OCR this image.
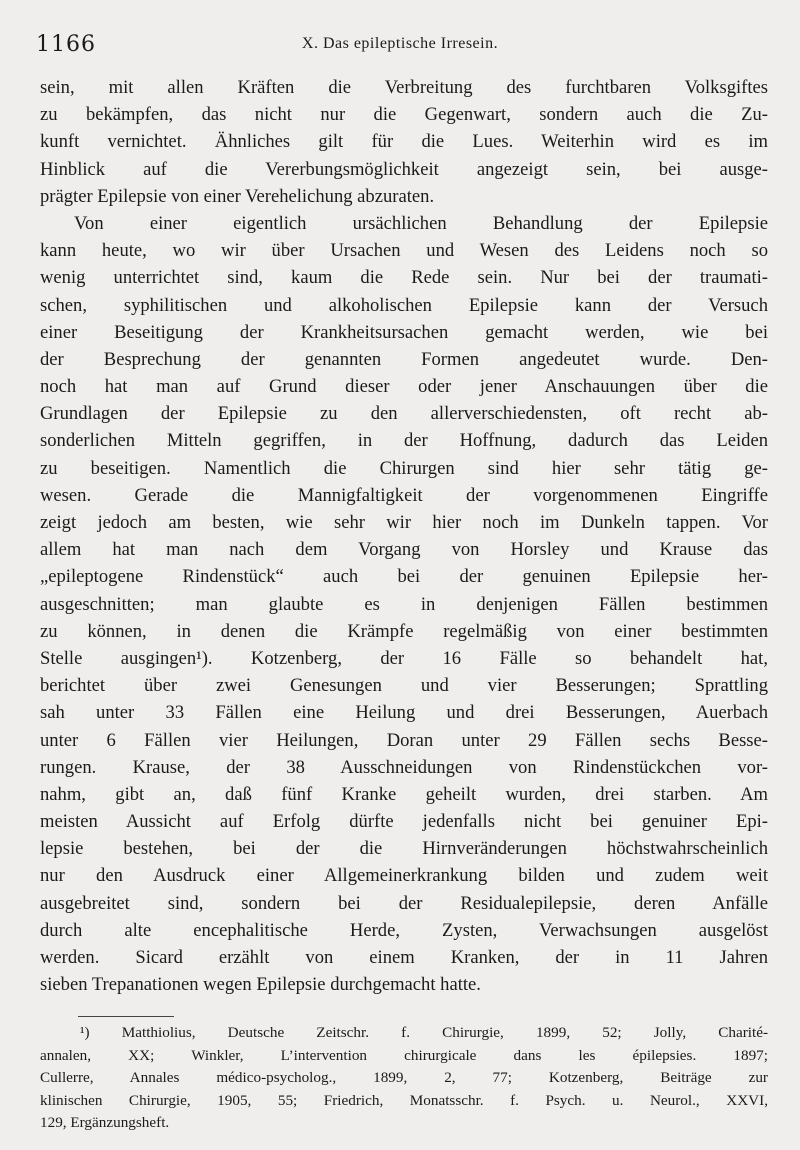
1166	X. Das epileptische Irresein.
sein, mit allen Kräften die Verbreitung des furchtbaren Volksgiftes
zu bekämpfen, das nicht nur die Gegenwart, sondern auch die Zu-
kunft vernichtet. Ähnliches gilt für die Lues. Weiterhin wird es im
Hinblick auf die Vererbungsmöglichkeit angezeigt sein, bei ausge-
prägter Epilepsie von einer Verehelichung abzuraten.
Von einer eigentlich ursächlichen Behandlung der Epilepsie
kann heute, wo wir über Ursachen und Wesen des Leidens noch so
wenig unterrichtet sind, kaum die Rede sein. Nur bei der traumati-
schen, syphilitischen und alkoholischen Epilepsie kann der Versuch
einer Beseitigung der Krankheitsursachen gemacht werden, wie bei
der Besprechung der genannten Formen angedeutet wurde. Den-
noch hat man auf Grund dieser oder jener Anschauungen über die
Grundlagen der Epilepsie zu den allerverschiedensten, oft recht ab-
sonderlichen Mitteln gegriffen, in der Hoffnung, dadurch das Leiden
zu beseitigen. Namentlich die Chirurgen sind hier sehr tätig ge-
wesen. Gerade die Mannigfaltigkeit der vorgenommenen Eingriffe
zeigt jedoch am besten, wie sehr wir hier noch im Dunkeln tappen. Vor
allem hat man nach dem Vorgang von Horsley und Krause das
„epileptogene Rindenstück“ auch bei der genuinen Epilepsie her-
ausgeschnitten; man glaubte es in denjenigen Fällen bestimmen
zu können, in denen die Krämpfe regelmäßig von einer bestimmten
Stelle ausgingen¹). Kotzenberg, der 16 Fälle so behandelt hat,
berichtet über zwei Genesungen und vier Besserungen; Sprattling
sah unter 33 Fällen eine Heilung und drei Besserungen, Auerbach
unter 6 Fällen vier Heilungen, Doran unter 29 Fällen sechs Besse-
rungen. Krause, der 38 Ausschneidungen von Rindenstückchen vor-
nahm, gibt an, daß fünf Kranke geheilt wurden, drei starben. Am
meisten Aussicht auf Erfolg dürfte jedenfalls nicht bei genuiner Epi-
lepsie bestehen, bei der die Hirnveränderungen höchstwahrscheinlich
nur den Ausdruck einer Allgemeinerkrankung bilden und zudem weit
ausgebreitet sind, sondern bei der Residualepilepsie, deren Anfälle
durch alte encephalitische Herde, Zysten, Verwachsungen ausgelöst
werden. Sicard erzählt von einem Kranken, der in 11 Jahren
sieben Trepanationen wegen Epilepsie durchgemacht hatte.
¹) Matthiolius, Deutsche Zeitschr. f. Chirurgie, 1899, 52; Jolly, Charité-
annalen, XX; Winkler, L’intervention chirurgicale dans les épilepsies. 1897;
Cullerre, Annales médico-psycholog., 1899, 2, 77; Kotzenberg, Beiträge zur
klinischen Chirurgie, 1905, 55; Friedrich, Monatsschr. f. Psych. u. Neurol., XXVI,
129, Ergänzungsheft.
